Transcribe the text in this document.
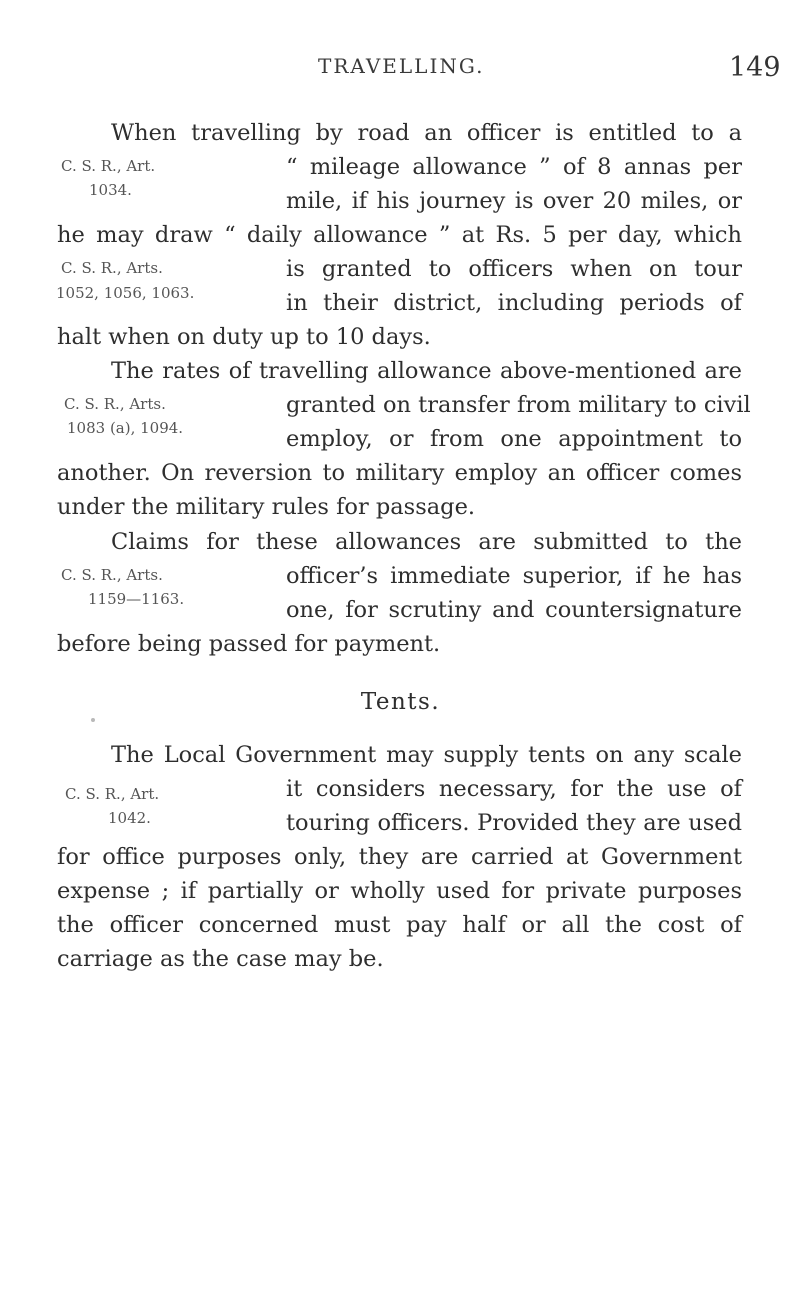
TRAVELLING.	149
When travelling by road an officer is entitled to a
“ mileage allowance ” of 8 annas per
mile, if his journey is over 20 miles, or
he may draw “ daily allowance ” at Rs. 5 per day, which
is granted to officers when on tour
in their district, including periods of
halt when on duty up to 10 days.
The rates of travelling allowance above-mentioned are
granted on transfer from military to civil
employ, or from one appointment to
another. On reversion to military employ an officer comes
under the military rules for passage.
Claims for these allowances are submitted to the
officer’s immediate superior, if he has
one, for scrutiny and countersignature
before being passed for payment.
Tents.
The Local Government may supply tents on any scale
it considers necessary, for the use of
touring officers. Provided they are used
for office purposes only, they are carried at Government
expense ; if partially or wholly used for private purposes
the officer concerned must pay half or all the cost of
carriage as the case may be.
C. S. R., Art.
1034.
C. S. R., Arts.
1052, 1056, 1063.
C. S. R., Arts.
1083 (a), 1094.
C. S. R., Arts.
1159—1163.
C. S. R., Art.
1042.
